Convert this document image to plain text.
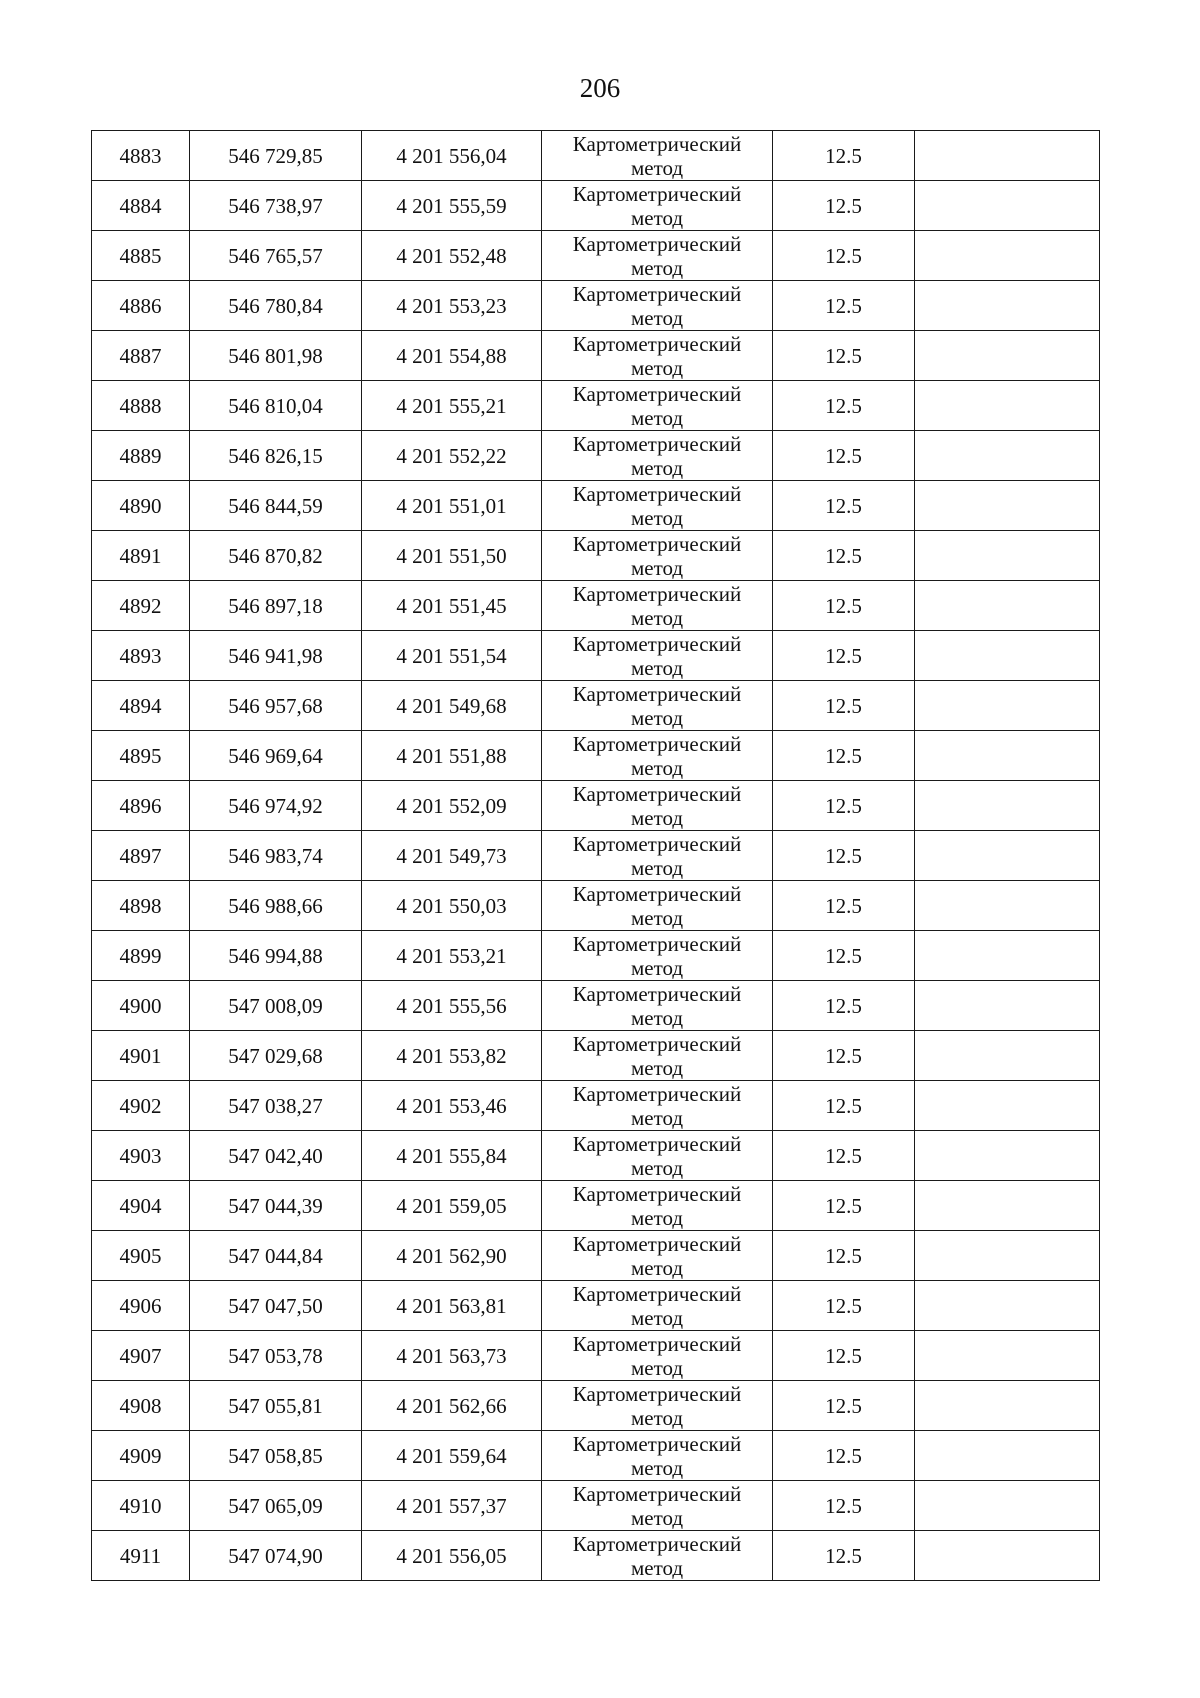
206
4883	546 729,85	4 201 556,04	Картометрический
метод	12.5	
4884	546 738,97	4 201 555,59	Картометрический
метод	12.5	
4885	546 765,57	4 201 552,48	Картометрический
метод	12.5	
4886	546 780,84	4 201 553,23	Картометрический
метод	12.5	
4887	546 801,98	4 201 554,88	Картометрический
метод	12.5	
4888	546 810,04	4 201 555,21	Картометрический
метод	12.5	
4889	546 826,15	4 201 552,22	Картометрический
метод	12.5	
4890	546 844,59	4 201 551,01	Картометрический
метод	12.5	
4891	546 870,82	4 201 551,50	Картометрический
метод	12.5	
4892	546 897,18	4 201 551,45	Картометрический
метод	12.5	
4893	546 941,98	4 201 551,54	Картометрический
метод	12.5	
4894	546 957,68	4 201 549,68	Картометрический
метод	12.5	
4895	546 969,64	4 201 551,88	Картометрический
метод	12.5	
4896	546 974,92	4 201 552,09	Картометрический
метод	12.5	
4897	546 983,74	4 201 549,73	Картометрический
метод	12.5	
4898	546 988,66	4 201 550,03	Картометрический
метод	12.5	
4899	546 994,88	4 201 553,21	Картометрический
метод	12.5	
4900	547 008,09	4 201 555,56	Картометрический
метод	12.5	
4901	547 029,68	4 201 553,82	Картометрический
метод	12.5	
4902	547 038,27	4 201 553,46	Картометрический
метод	12.5	
4903	547 042,40	4 201 555,84	Картометрический
метод	12.5	
4904	547 044,39	4 201 559,05	Картометрический
метод	12.5	
4905	547 044,84	4 201 562,90	Картометрический
метод	12.5	
4906	547 047,50	4 201 563,81	Картометрический
метод	12.5	
4907	547 053,78	4 201 563,73	Картометрический
метод	12.5	
4908	547 055,81	4 201 562,66	Картометрический
метод	12.5	
4909	547 058,85	4 201 559,64	Картометрический
метод	12.5	
4910	547 065,09	4 201 557,37	Картометрический
метод	12.5	
4911	547 074,90	4 201 556,05	Картометрический
метод	12.5	
